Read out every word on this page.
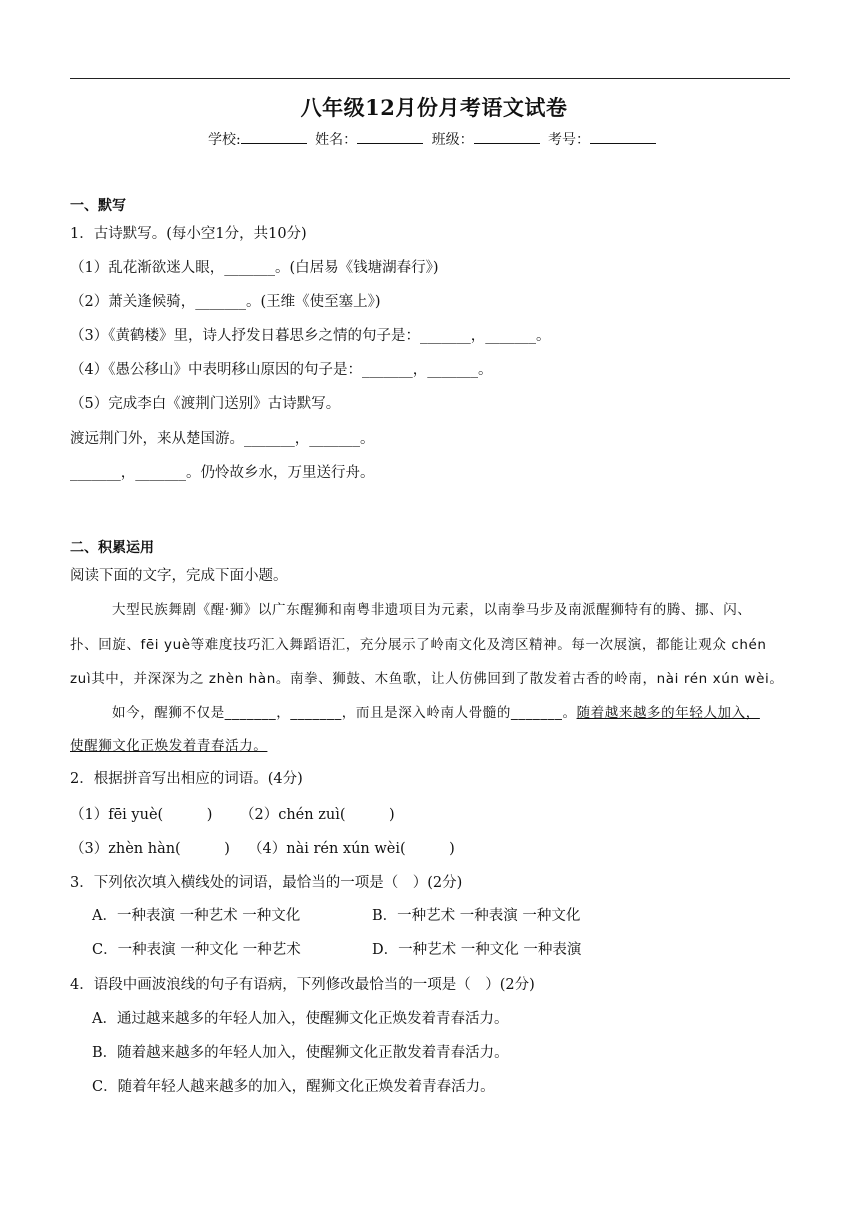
八年级12月份月考语文试卷
学校:	姓名：	班级：	考号：
一、默写
1．古诗默写。(每小空1分，共10分)
（1）乱花渐欲迷人眼，_______。(白居易《钱塘湖春行》)
（2）萧关逢候骑，_______。(王维《使至塞上》)
（3）《黄鹤楼》里，诗人抒发日暮思乡之情的句子是：_______，_______。
（4）《愚公移山》中表明移山原因的句子是：_______，_______。
（5）完成李白《渡荆门送别》古诗默写。
渡远荆门外，来从楚国游。_______，_______。
_______，_______。仍怜故乡水，万里送行舟。
二、积累运用
阅读下面的文字，完成下面小题。
大型民族舞剧《醒·狮》以广东醒狮和南粤非遗项目为元素，以南拳马步及南派醒狮特有的腾、挪、闪、
扑、回旋、fēi yuè等难度技巧汇入舞蹈语汇，充分展示了岭南文化及湾区精神。每一次展演，都能让观众 chén
zuì其中，并深深为之 zhèn hàn。南拳、狮鼓、木鱼歌，让人仿佛回到了散发着古香的岭南，nài rén xún wèi。
如今，醒狮不仅是_______，_______，而且是深入岭南人骨髓的_______。随着越来越多的年轻人加入，
使醒狮文化正焕发着青春活力。
2．根据拼音写出相应的词语。(4分)
（1）fēi yuè(　　　) （2）chén zuì(　　　)
（3）zhèn hàn(　　　) （4）nài rén xún wèi(　　　)
3．下列依次填入横线处的词语，最恰当的一项是（　）(2分)
A．一种表演 一种艺术 一种文化	B．一种艺术 一种表演 一种文化
C．一种表演 一种文化 一种艺术	D．一种艺术 一种文化 一种表演
4．语段中画波浪线的句子有语病，下列修改最恰当的一项是（　）(2分)
A．通过越来越多的年轻人加入，使醒狮文化正焕发着青春活力。
B．随着越来越多的年轻人加入，使醒狮文化正散发着青春活力。
C．随着年轻人越来越多的加入，醒狮文化正焕发着青春活力。
